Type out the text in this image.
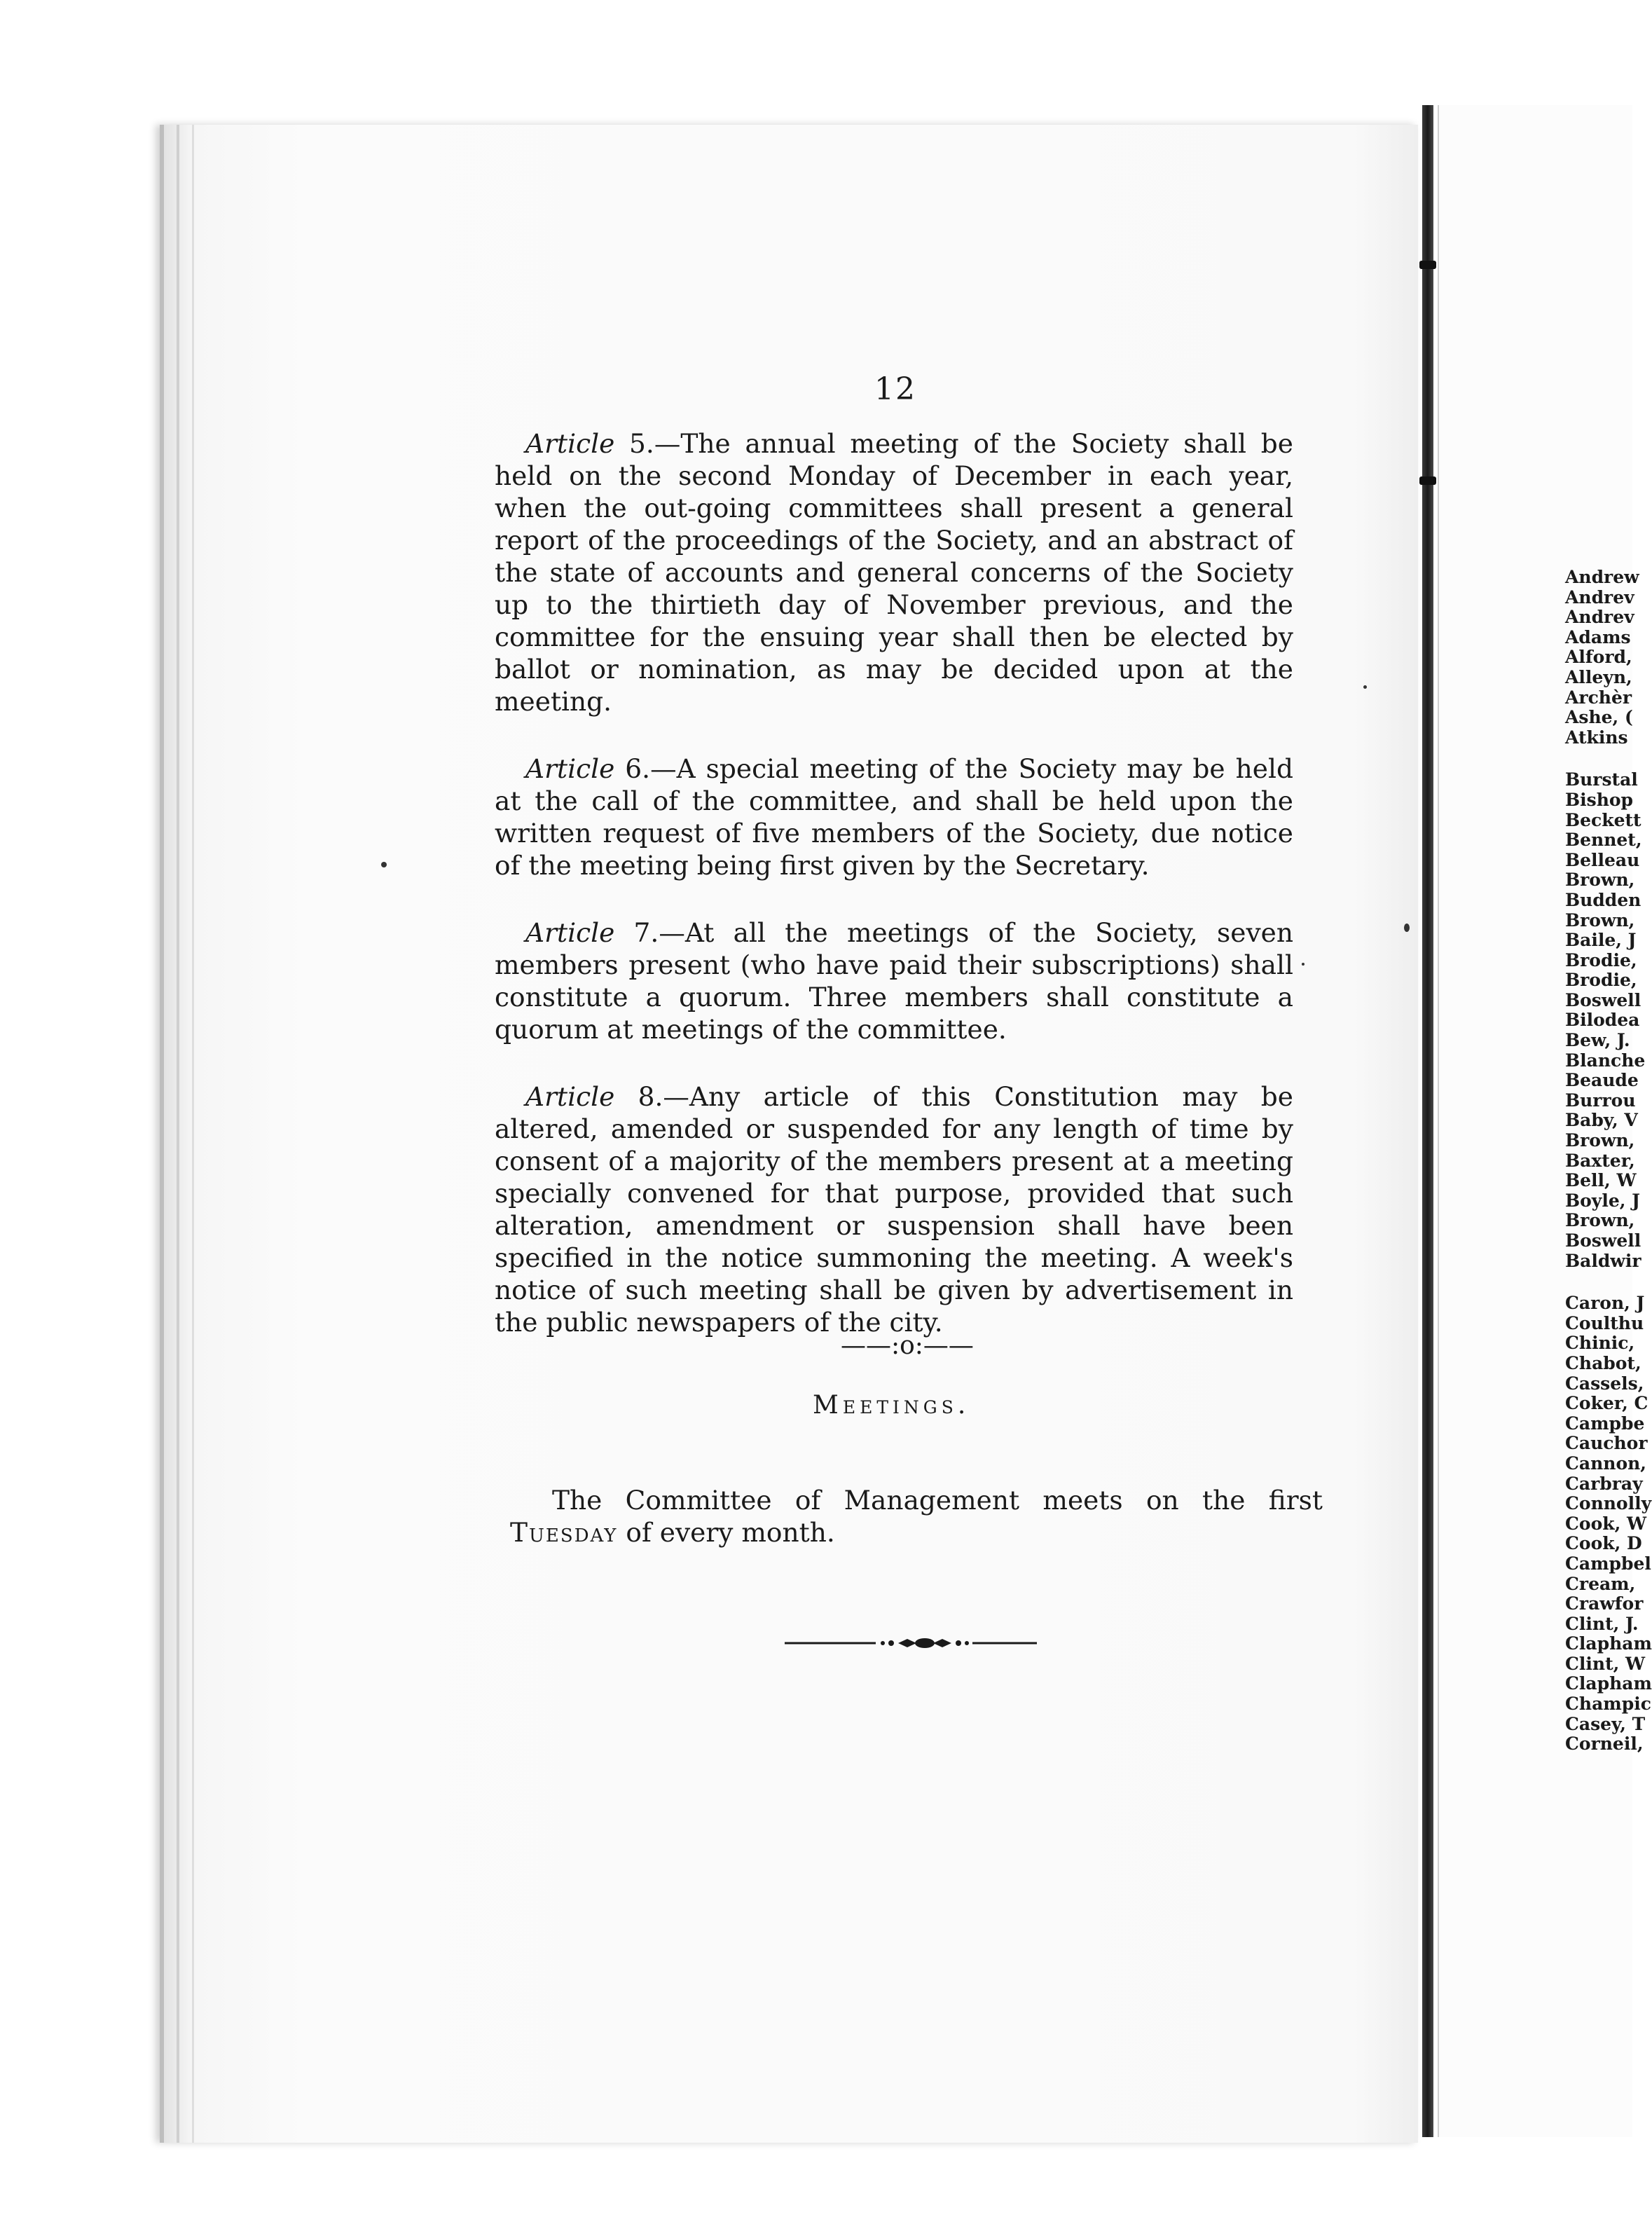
12

Article 5.—The annual meeting of the Society shall be held on the second Monday of December in each year, when the out-going committees shall present a general report of the proceedings of the Society, and an abstract of the state of accounts and general concerns of the Society up to the thirtieth day of November previous, and the committee for the ensuing year shall then be elected by ballot or nomination, as may be decided upon at the meeting.

Article 6.—A special meeting of the Society may be held at the call of the committee, and shall be held upon the written request of five members of the Society, due notice of the meeting being first given by the Secretary.

Article 7.—At all the meetings of the Society, seven members present (who have paid their subscriptions) shall constitute a quorum. Three members shall constitute a quorum at meetings of the committee.

Article 8.—Any article of this Constitution may be altered, amended or suspended for any length of time by consent of a majority of the members present at a meeting specially convened for that purpose, provided that such alteration, amendment or suspension shall have been specified in the notice summoning the meeting. A week's notice of such meeting shall be given by advertisement in the public newspapers of the city.

——:o:——
Meetings.

The Committee of Management meets on the first Tuesday of every month.

Andrew
Andrev
Andrev
Adams
Alford,
Alleyn,
Archèr
Ashe, (
Atkins
Burstal
Bishop
Beckett
Bennet,
Belleau
Brown,
Budden
Brown,
Baile, J
Brodie,
Brodie,
Boswell
Bilodea
Bew, J.
Blanche
Beaude
Burrou
Baby, V
Brown,
Baxter,
Bell, W
Boyle, J
Brown,
Boswell
Baldwir
Caron, J
Coulthu
Chinic,
Chabot,
Cassels,
Coker, C
Campbe
Cauchor
Cannon,
Carbray
Connolly
Cook, W
Cook, D
Campbel
Cream,
Crawfor
Clint, J.
Clapham
Clint, W
Clapham
Champic
Casey, T
Corneil,
